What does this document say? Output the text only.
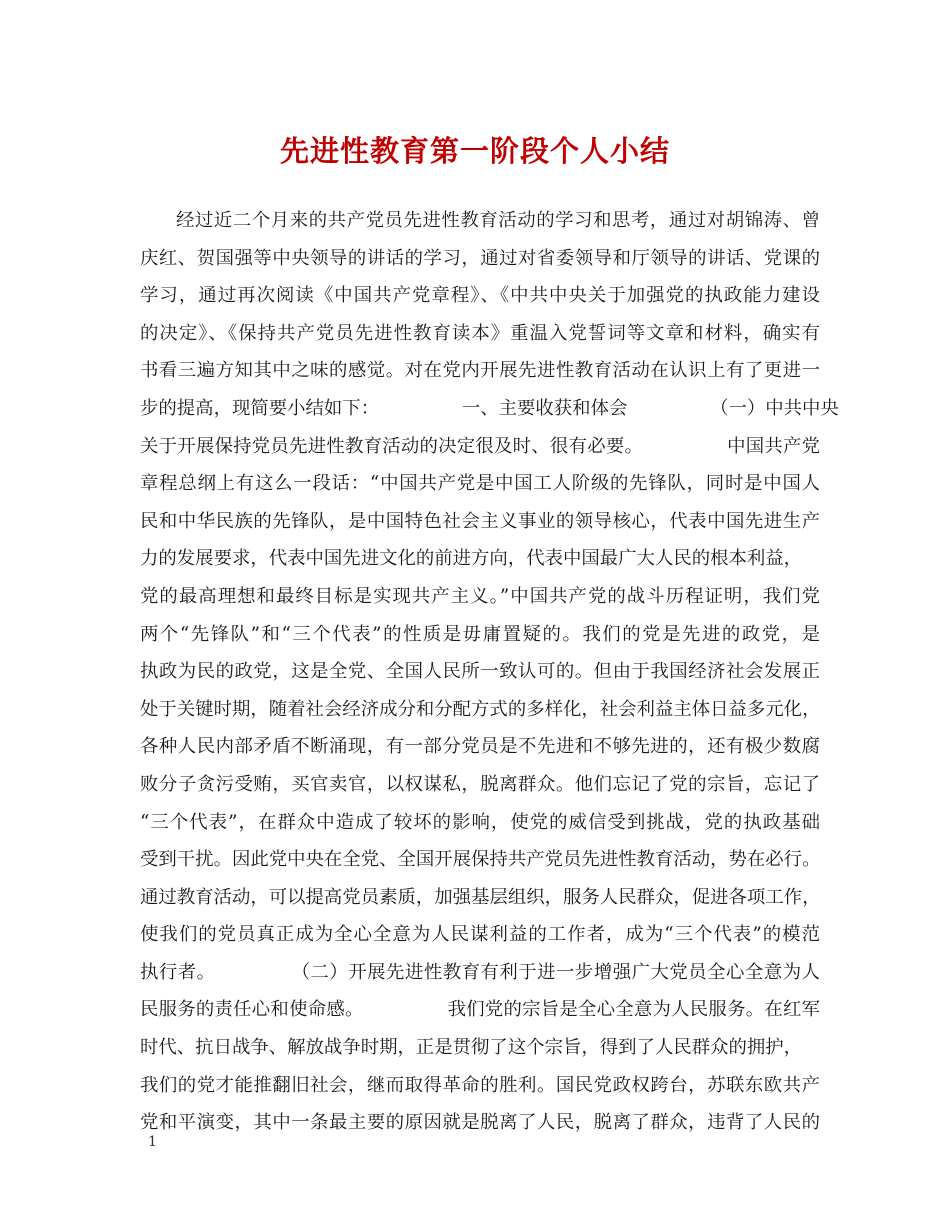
先进性教育第一阶段个人小结
经过近二个月来的共产党员先进性教育活动的学习和思考，通过对胡锦涛、曾
庆红、贺国强等中央领导的讲话的学习，通过对省委领导和厅领导的讲话、党课的
学习，通过再次阅读《中国共产党章程》、《中共中央关于加强党的执政能力建设
的决定》、《保持共产党员先进性教育读本》重温入党誓词等文章和材料，确实有
书看三遍方知其中之味的感觉。对在党内开展先进性教育活动在认识上有了更进一
步的提高，现简要小结如下：　　　　　一、主要收获和体会　　　　　（一）中共中央
关于开展保持党员先进性教育活动的决定很及时、很有必要。　　　　　中国共产党
章程总纲上有这么一段话：“中国共产党是中国工人阶级的先锋队，同时是中国人
民和中华民族的先锋队，是中国特色社会主义事业的领导核心，代表中国先进生产
力的发展要求，代表中国先进文化的前进方向，代表中国最广大人民的根本利益，
党的最高理想和最终目标是实现共产主义。”中国共产党的战斗历程证明，我们党
两个“先锋队”和“三个代表”的性质是毋庸置疑的。我们的党是先进的政党，是
执政为民的政党，这是全党、全国人民所一致认可的。但由于我国经济社会发展正
处于关键时期，随着社会经济成分和分配方式的多样化，社会利益主体日益多元化，
各种人民内部矛盾不断涌现，有一部分党员是不先进和不够先进的，还有极少数腐
败分子贪污受贿，买官卖官，以权谋私，脱离群众。他们忘记了党的宗旨，忘记了
“三个代表”，在群众中造成了较坏的影响，使党的威信受到挑战，党的执政基础
受到干扰。因此党中央在全党、全国开展保持共产党员先进性教育活动，势在必行。
通过教育活动，可以提高党员素质，加强基层组织，服务人民群众，促进各项工作，
使我们的党员真正成为全心全意为人民谋利益的工作者，成为“三个代表”的模范
执行者。　　　　　（二）开展先进性教育有利于进一步增强广大党员全心全意为人
民服务的责任心和使命感。　　　　　我们党的宗旨是全心全意为人民服务。在红军
时代、抗日战争、解放战争时期，正是贯彻了这个宗旨，得到了人民群众的拥护，
我们的党才能推翻旧社会，继而取得革命的胜利。国民党政权跨台，苏联东欧共产
党和平演变，其中一条最主要的原因就是脱离了人民，脱离了群众，违背了人民的
1
